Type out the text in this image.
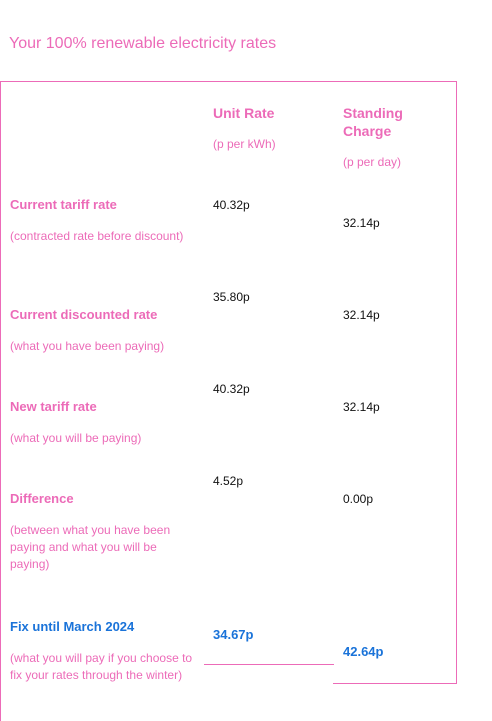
Your 100% renewable electricity rates
Unit Rate
(p per kWh)
Standing Charge
(p per day)
Current tariff rate
(contracted rate before discount)
40.32p
32.14p
Current discounted rate
(what you have been paying)
35.80p
32.14p
New tariff rate
(what you will be paying)
40.32p
32.14p
Difference
(between what you have been paying and what you will be paying)
4.52p
0.00p
Fix until March 2024
(what you will pay if you choose to fix your rates through the winter)
34.67p
42.64p
